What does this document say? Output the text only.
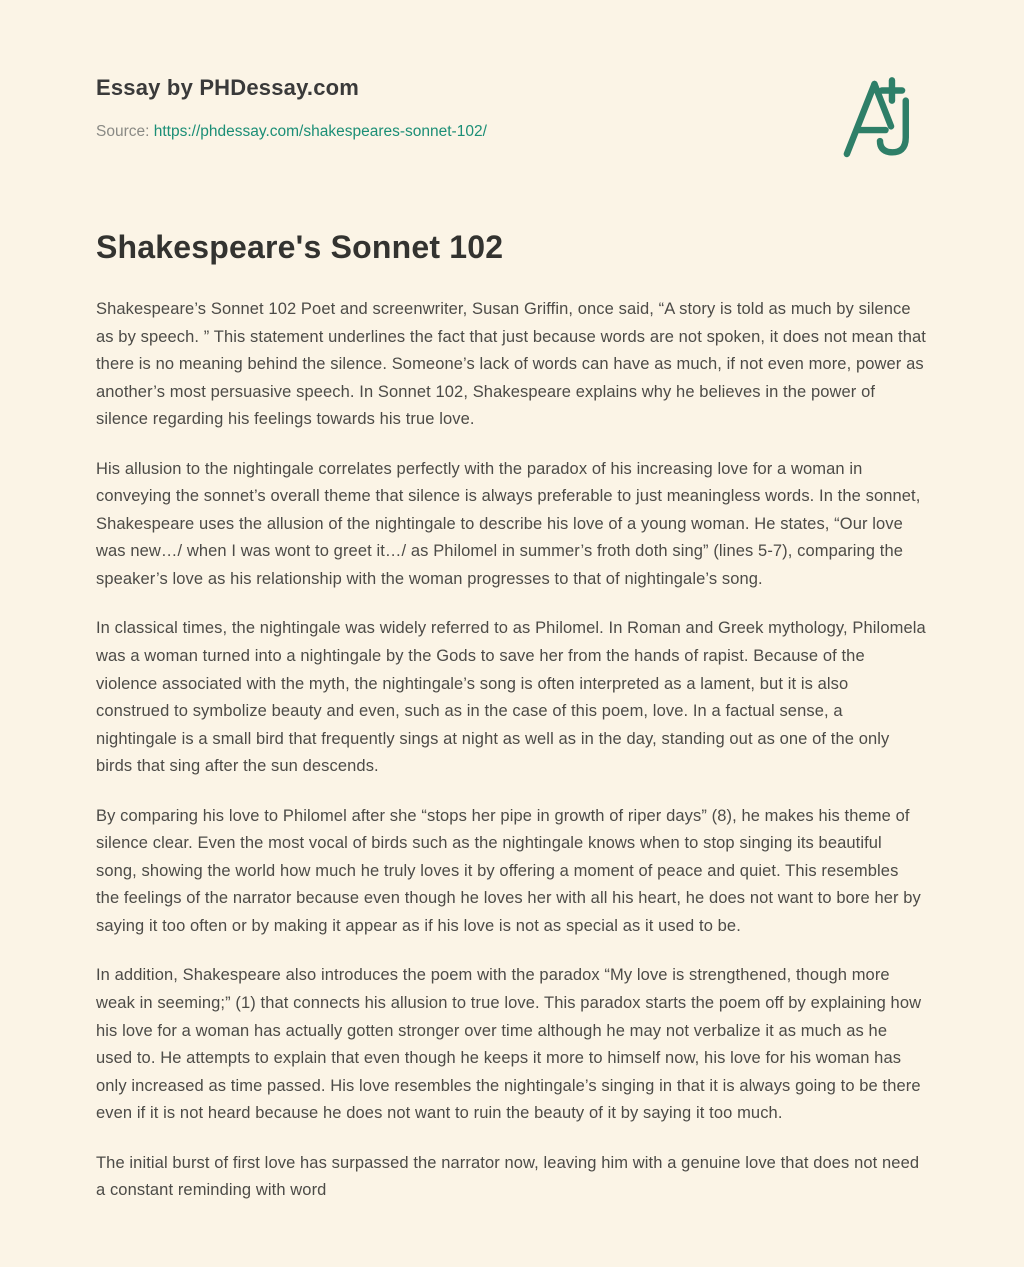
Essay by PHDessay.com
Source: https://phdessay.com/shakespeares-sonnet-102/
Shakespeare's Sonnet 102

Shakespeare’s Sonnet 102 Poet and screenwriter, Susan Griffin, once said, “A story is told as much by silence as by speech. ” This statement underlines the fact that just because words are not spoken, it does not mean that there is no meaning behind the silence. Someone’s lack of words can have as much, if not even more, power as another’s most persuasive speech. In Sonnet 102, Shakespeare explains why he believes in the power of silence regarding his feelings towards his true love.

His allusion to the nightingale correlates perfectly with the paradox of his increasing love for a woman in conveying the sonnet’s overall theme that silence is always preferable to just meaningless words. In the sonnet, Shakespeare uses the allusion of the nightingale to describe his love of a young woman. He states, “Our love was new…/ when I was wont to greet it…/ as Philomel in summer’s froth doth sing” (lines 5-7), comparing the speaker’s love as his relationship with the woman progresses to that of nightingale’s song.

In classical times, the nightingale was widely referred to as Philomel. In Roman and Greek mythology, Philomela was a woman turned into a nightingale by the Gods to save her from the hands of rapist. Because of the violence associated with the myth, the nightingale’s song is often interpreted as a lament, but it is also construed to symbolize beauty and even, such as in the case of this poem, love. In a factual sense, a nightingale is a small bird that frequently sings at night as well as in the day, standing out as one of the only birds that sing after the sun descends.

By comparing his love to Philomel after she “stops her pipe in growth of riper days” (8), he makes his theme of silence clear. Even the most vocal of birds such as the nightingale knows when to stop singing its beautiful song, showing the world how much he truly loves it by offering a moment of peace and quiet. This resembles the feelings of the narrator because even though he loves her with all his heart, he does not want to bore her by saying it too often or by making it appear as if his love is not as special as it used to be.

In addition, Shakespeare also introduces the poem with the paradox “My love is strengthened, though more weak in seeming;” (1) that connects his allusion to true love. This paradox starts the poem off by explaining how his love for a woman has actually gotten stronger over time although he may not verbalize it as much as he used to. He attempts to explain that even though he keeps it more to himself now, his love for his woman has only increased as time passed. His love resembles the nightingale’s singing in that it is always going to be there even if it is not heard because he does not want to ruin the beauty of it by saying it too much.

The initial burst of first love has surpassed the narrator now, leaving him with a genuine love that does not need a constant reminding with word
